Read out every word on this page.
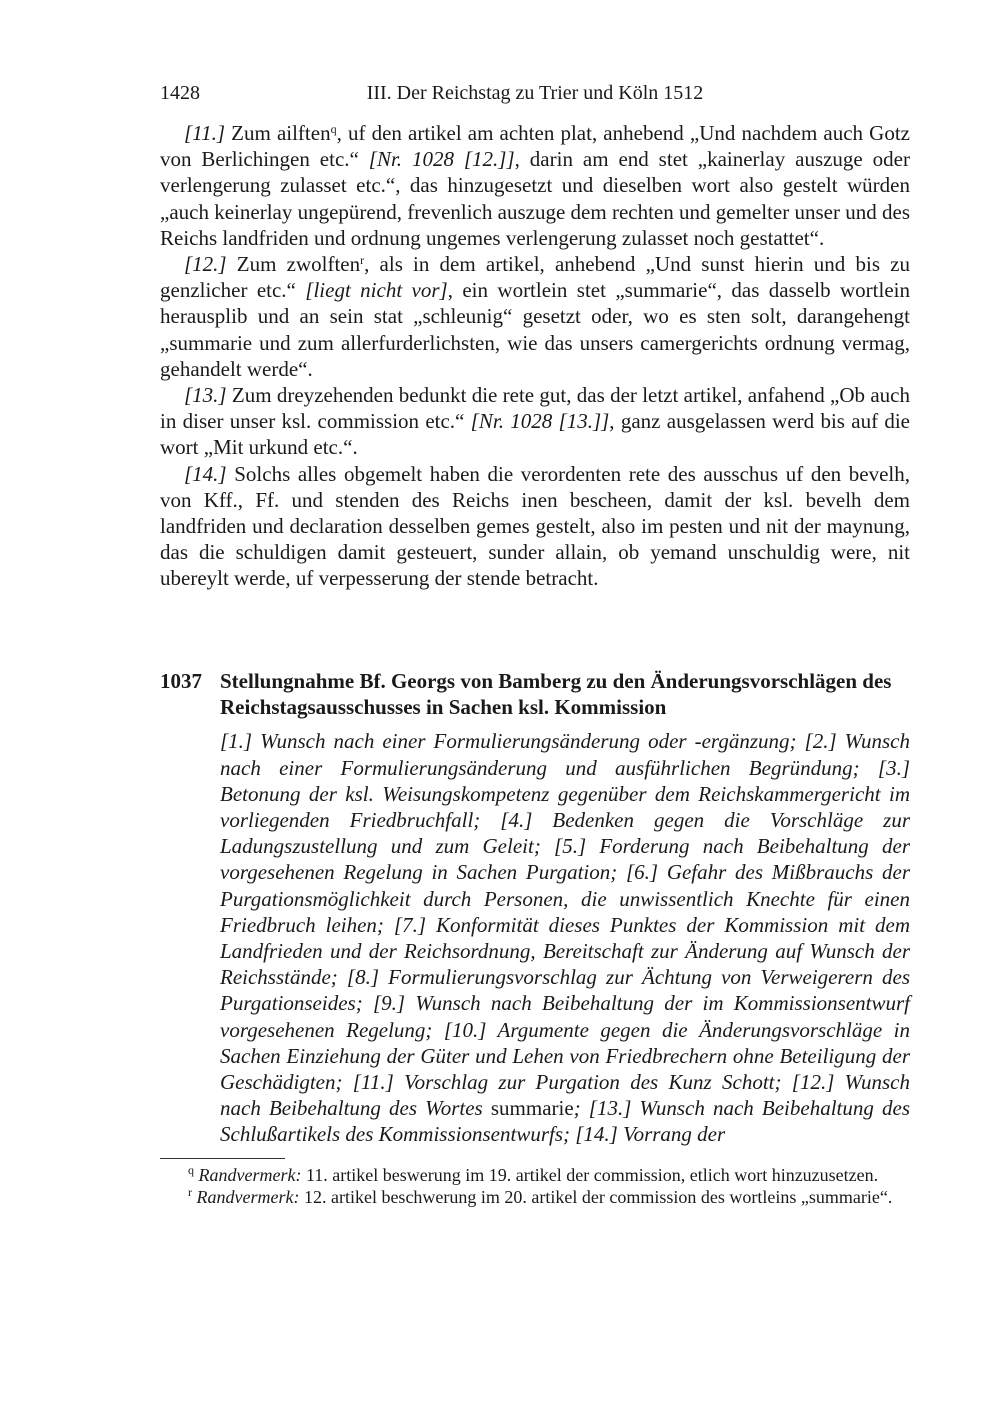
1428	III. Der Reichstag zu Trier und Köln 1512

[11.] Zum ailften$^q$, uf den artikel am achten plat, anhebend „Und nachdem auch Gotz von Berlichingen etc.“ [Nr. 1028 [12.]], darin am end stet „kainerlay auszuge oder verlengerung zulasset etc.“, das hinzugesetzt und dieselben wort also gestelt würden „auch keinerlay ungepürend, frevenlich auszuge dem rechten und gemelter unser und des Reichs landfriden und ordnung ungemes verlengerung zulasset noch gestattet“.

[12.] Zum zwolften$^r$, als in dem artikel, anhebend „Und sunst hierin und bis zu genzlicher etc.“ [liegt nicht vor], ein wortlein stet „summarie“, das dasselb wortlein herausplib und an sein stat „schleunig“ gesetzt oder, wo es sten solt, darangehengt „summarie und zum allerfurderlichsten, wie das unsers camergerichts ordnung vermag, gehandelt werde“.

[13.] Zum dreyzehenden bedunkt die rete gut, das der letzt artikel, anfahend „Ob auch in diser unser ksl. commission etc.“ [Nr. 1028 [13.]], ganz ausgelassen werd bis auf die wort „Mit urkund etc.“.

[14.] Solchs alles obgemelt haben die verordenten rete des ausschus uf den bevelh, von Kff., Ff. und stenden des Reichs inen bescheen, damit der ksl. bevelh dem landfriden und declaration desselben gemes gestelt, also im pesten und nit der maynung, das die schuldigen damit gesteuert, sunder allain, ob yemand unschuldig were, nit ubereylt werde, uf verpesserung der stende betracht.

1037 Stellungnahme Bf. Georgs von Bamberg zu den Änderungsvorschlägen des Reichstagsausschusses in Sachen ksl. Kommission
[1.] Wunsch nach einer Formulierungsänderung oder -ergänzung; [2.] Wunsch nach einer Formulierungsänderung und ausführlichen Begründung; [3.] Betonung der ksl. Weisungskompetenz gegenüber dem Reichskammergericht im vorliegenden Friedbruchfall; [4.] Bedenken gegen die Vorschläge zur Ladungszustellung und zum Geleit; [5.] Forderung nach Beibehaltung der vorgesehenen Regelung in Sachen Purgation; [6.] Gefahr des Mißbrauchs der Purgationsmöglichkeit durch Personen, die unwissentlich Knechte für einen Friedbruch leihen; [7.] Konformität dieses Punktes der Kommission mit dem Landfrieden und der Reichsordnung, Bereitschaft zur Änderung auf Wunsch der Reichsstände; [8.] Formulierungsvorschlag zur Ächtung von Verweigerern des Purgationseides; [9.] Wunsch nach Beibehaltung der im Kommissionsentwurf vorgesehenen Regelung; [10.] Argumente gegen die Änderungsvorschläge in Sachen Einziehung der Güter und Lehen von Friedbrechern ohne Beteiligung der Geschädigten; [11.] Vorschlag zur Purgation des Kunz Schott; [12.] Wunsch nach Beibehaltung des Wortes summarie; [13.] Wunsch nach Beibehaltung des Schlußartikels des Kommissionsentwurfs; [14.] Vorrang der

$^q$ Randvermerk: 11. artikel beswerung im 19. artikel der commission, etlich wort hinzuzusetzen.

$^r$ Randvermerk: 12. artikel beschwerung im 20. artikel der commission des wortleins „summarie“.
